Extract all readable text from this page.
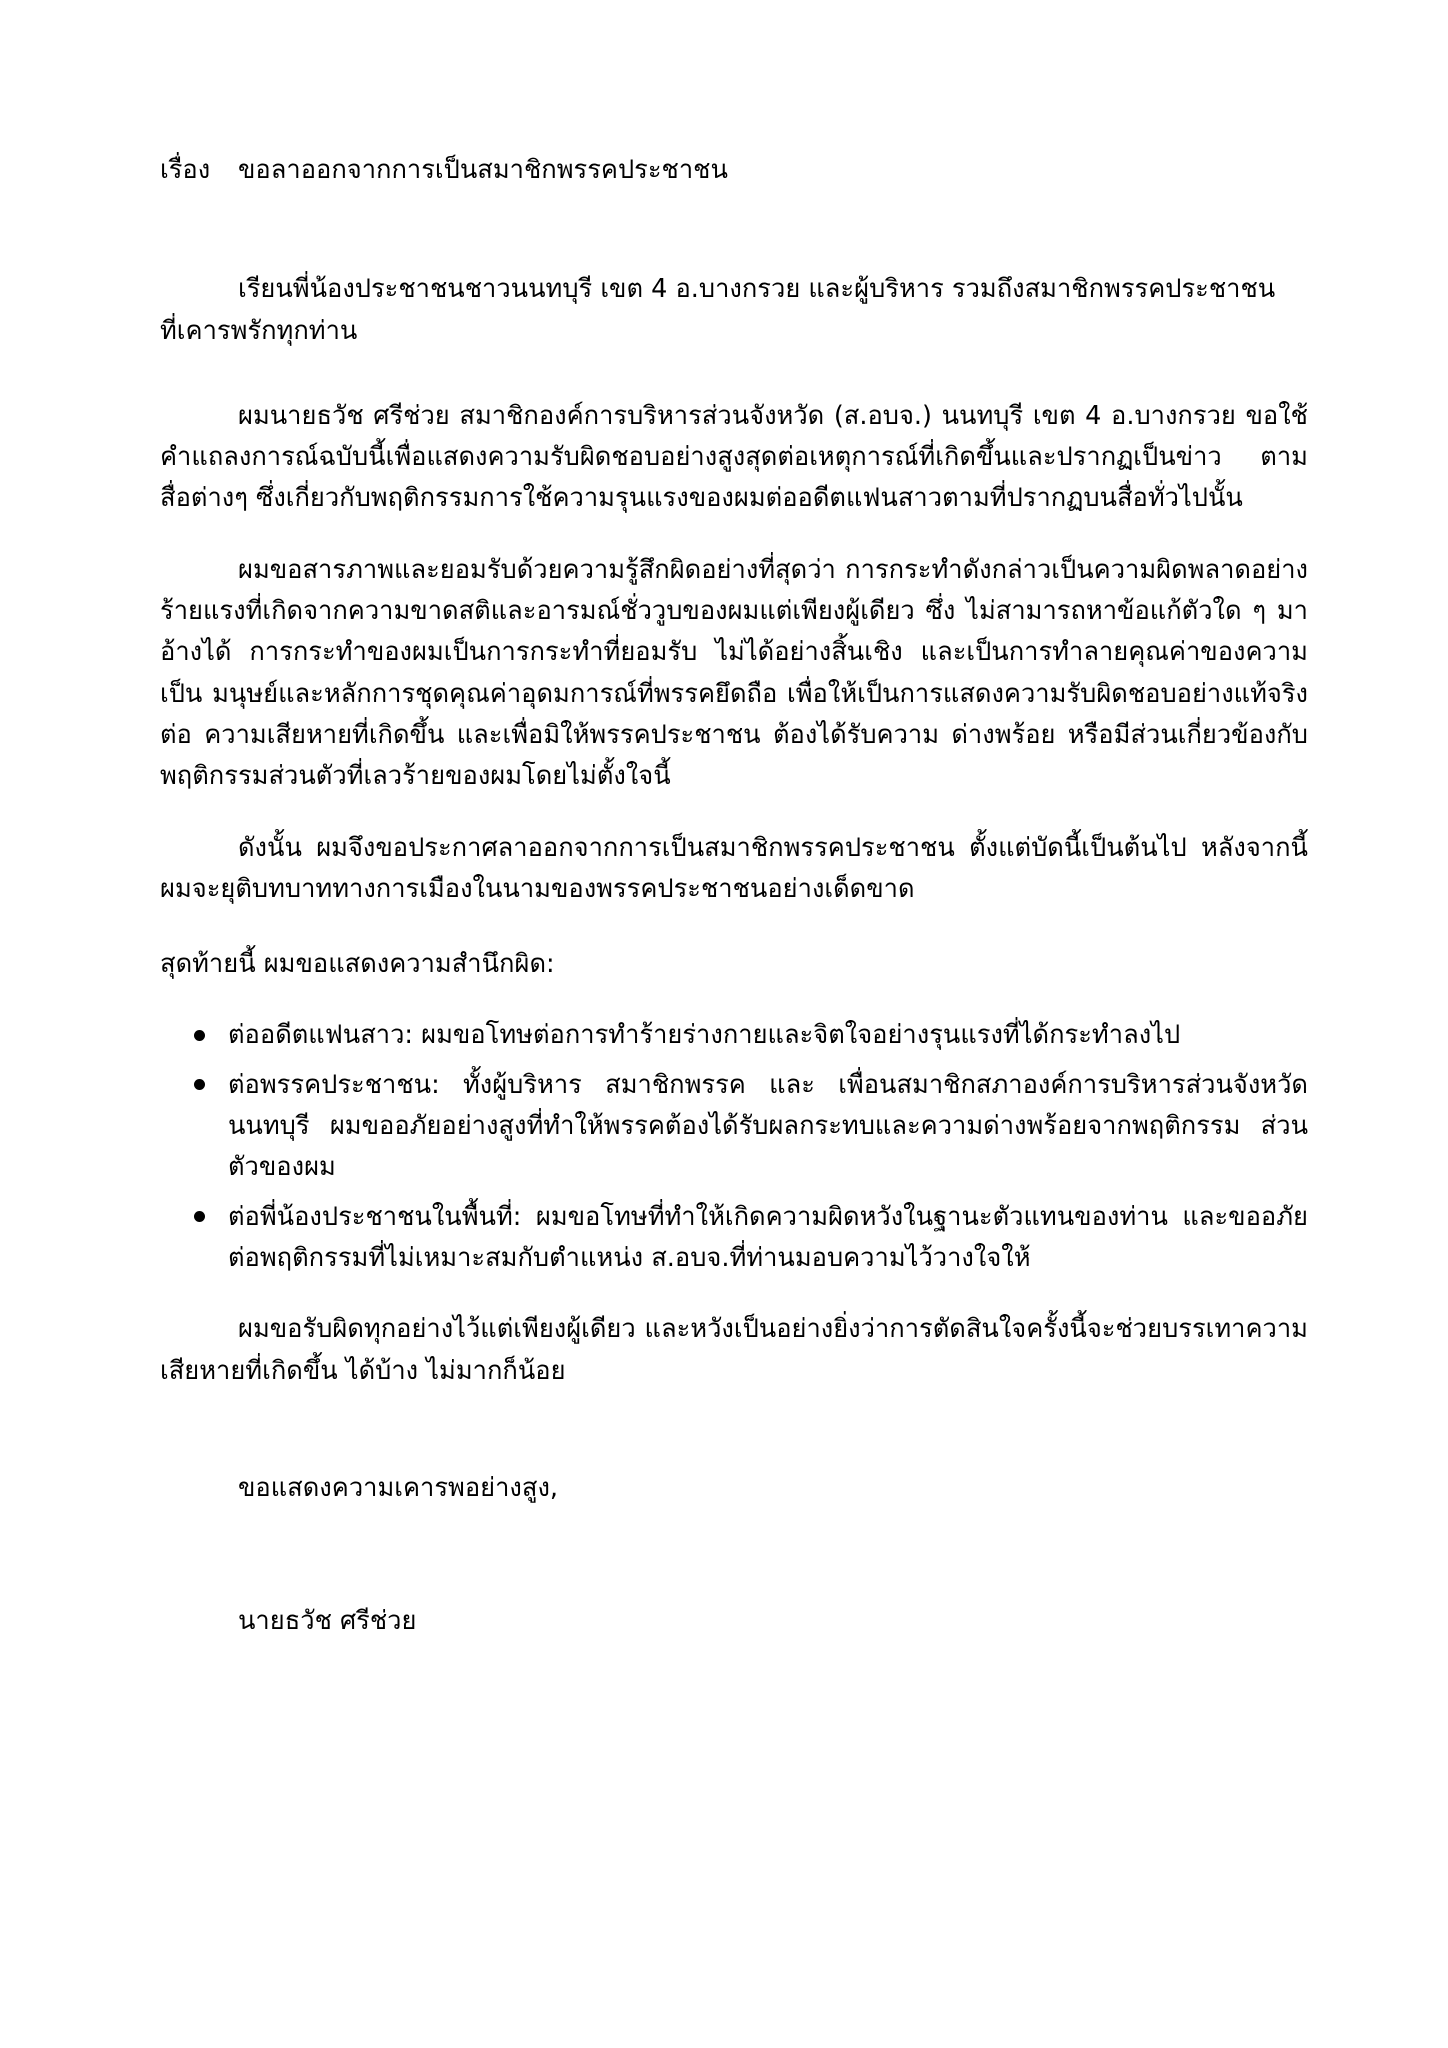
เรื่อง ขอลาออกจากการเป็นสมาชิกพรรคประชาชน
เรียนพี่น้องประชาชนชาวนนทบุรี เขต 4 อ.บางกรวย และผู้บริหาร รวมถึงสมาชิกพรรคประชาชน
ที่เคารพรักทุกท่าน

ผมนายธวัช ศรีช่วย สมาชิกองค์การบริหารส่วนจังหวัด (ส.อบจ.) นนทบุรี เขต 4 อ.บางกรวย ขอใช้คำแถลงการณ์ฉบับนี้เพื่อแสดงความรับผิดชอบอย่างสูงสุดต่อเหตุการณ์ที่เกิดขึ้นและปรากฏเป็นข่าว ตามสื่อต่างๆ ซึ่งเกี่ยวกับพฤติกรรมการใช้ความรุนแรงของผมต่ออดีตแฟนสาวตามที่ปรากฏบนสื่อทั่วไปนั้น

ผมขอสารภาพและยอมรับด้วยความรู้สึกผิดอย่างที่สุดว่า การกระทำดังกล่าวเป็นความผิดพลาดอย่างร้ายแรงที่เกิดจากความขาดสติและอารมณ์ชั่ววูบของผมแต่เพียงผู้เดียว ซึ่ง ไม่สามารถหาข้อแก้ตัวใด ๆ มาอ้างได้ การกระทำของผมเป็นการกระทำที่ยอมรับ ไม่ได้อย่างสิ้นเชิง และเป็นการทำลายคุณค่าของความเป็น มนุษย์และหลักการชุดคุณค่าอุดมการณ์ที่พรรคยึดถือ เพื่อให้เป็นการแสดงความรับผิดชอบอย่างแท้จริงต่อ ความเสียหายที่เกิดขึ้น และเพื่อมิให้พรรคประชาชน ต้องได้รับความ ด่างพร้อย หรือมีส่วนเกี่ยวข้องกับพฤติกรรมส่วนตัวที่เลวร้ายของผมโดยไม่ตั้งใจนี้

ดังนั้น ผมจึงขอประกาศลาออกจากการเป็นสมาชิกพรรคประชาชน ตั้งแต่บัดนี้เป็นต้นไป หลังจากนี้ ผมจะยุติบทบาททางการเมืองในนามของพรรคประชาชนอย่างเด็ดขาด

สุดท้ายนี้ ผมขอแสดงความสำนึกผิด:

ต่ออดีตแฟนสาว: ผมขอโทษต่อการทำร้ายร่างกายและจิตใจอย่างรุนแรงที่ได้กระทำลงไป
ต่อพรรคประชาชน: ทั้งผู้บริหาร สมาชิกพรรค และ เพื่อนสมาชิกสภาองค์การบริหารส่วนจังหวัด นนทบุรี ผมขออภัยอย่างสูงที่ทำให้พรรคต้องได้รับผลกระทบและความด่างพร้อยจากพฤติกรรม ส่วนตัวของผม
ต่อพี่น้องประชาชนในพื้นที่: ผมขอโทษที่ทำให้เกิดความผิดหวังในฐานะตัวแทนของท่าน และขออภัย ต่อพฤติกรรมที่ไม่เหมาะสมกับตำแหน่ง ส.อบจ.ที่ท่านมอบความไว้วางใจให้

ผมขอรับผิดทุกอย่างไว้แต่เพียงผู้เดียว และหวังเป็นอย่างยิ่งว่าการตัดสินใจครั้งนี้จะช่วยบรรเทาความเสียหายที่เกิดขึ้น ได้บ้าง ไม่มากก็น้อย

ขอแสดงความเคารพอย่างสูง,
นายธวัช ศรีช่วย
